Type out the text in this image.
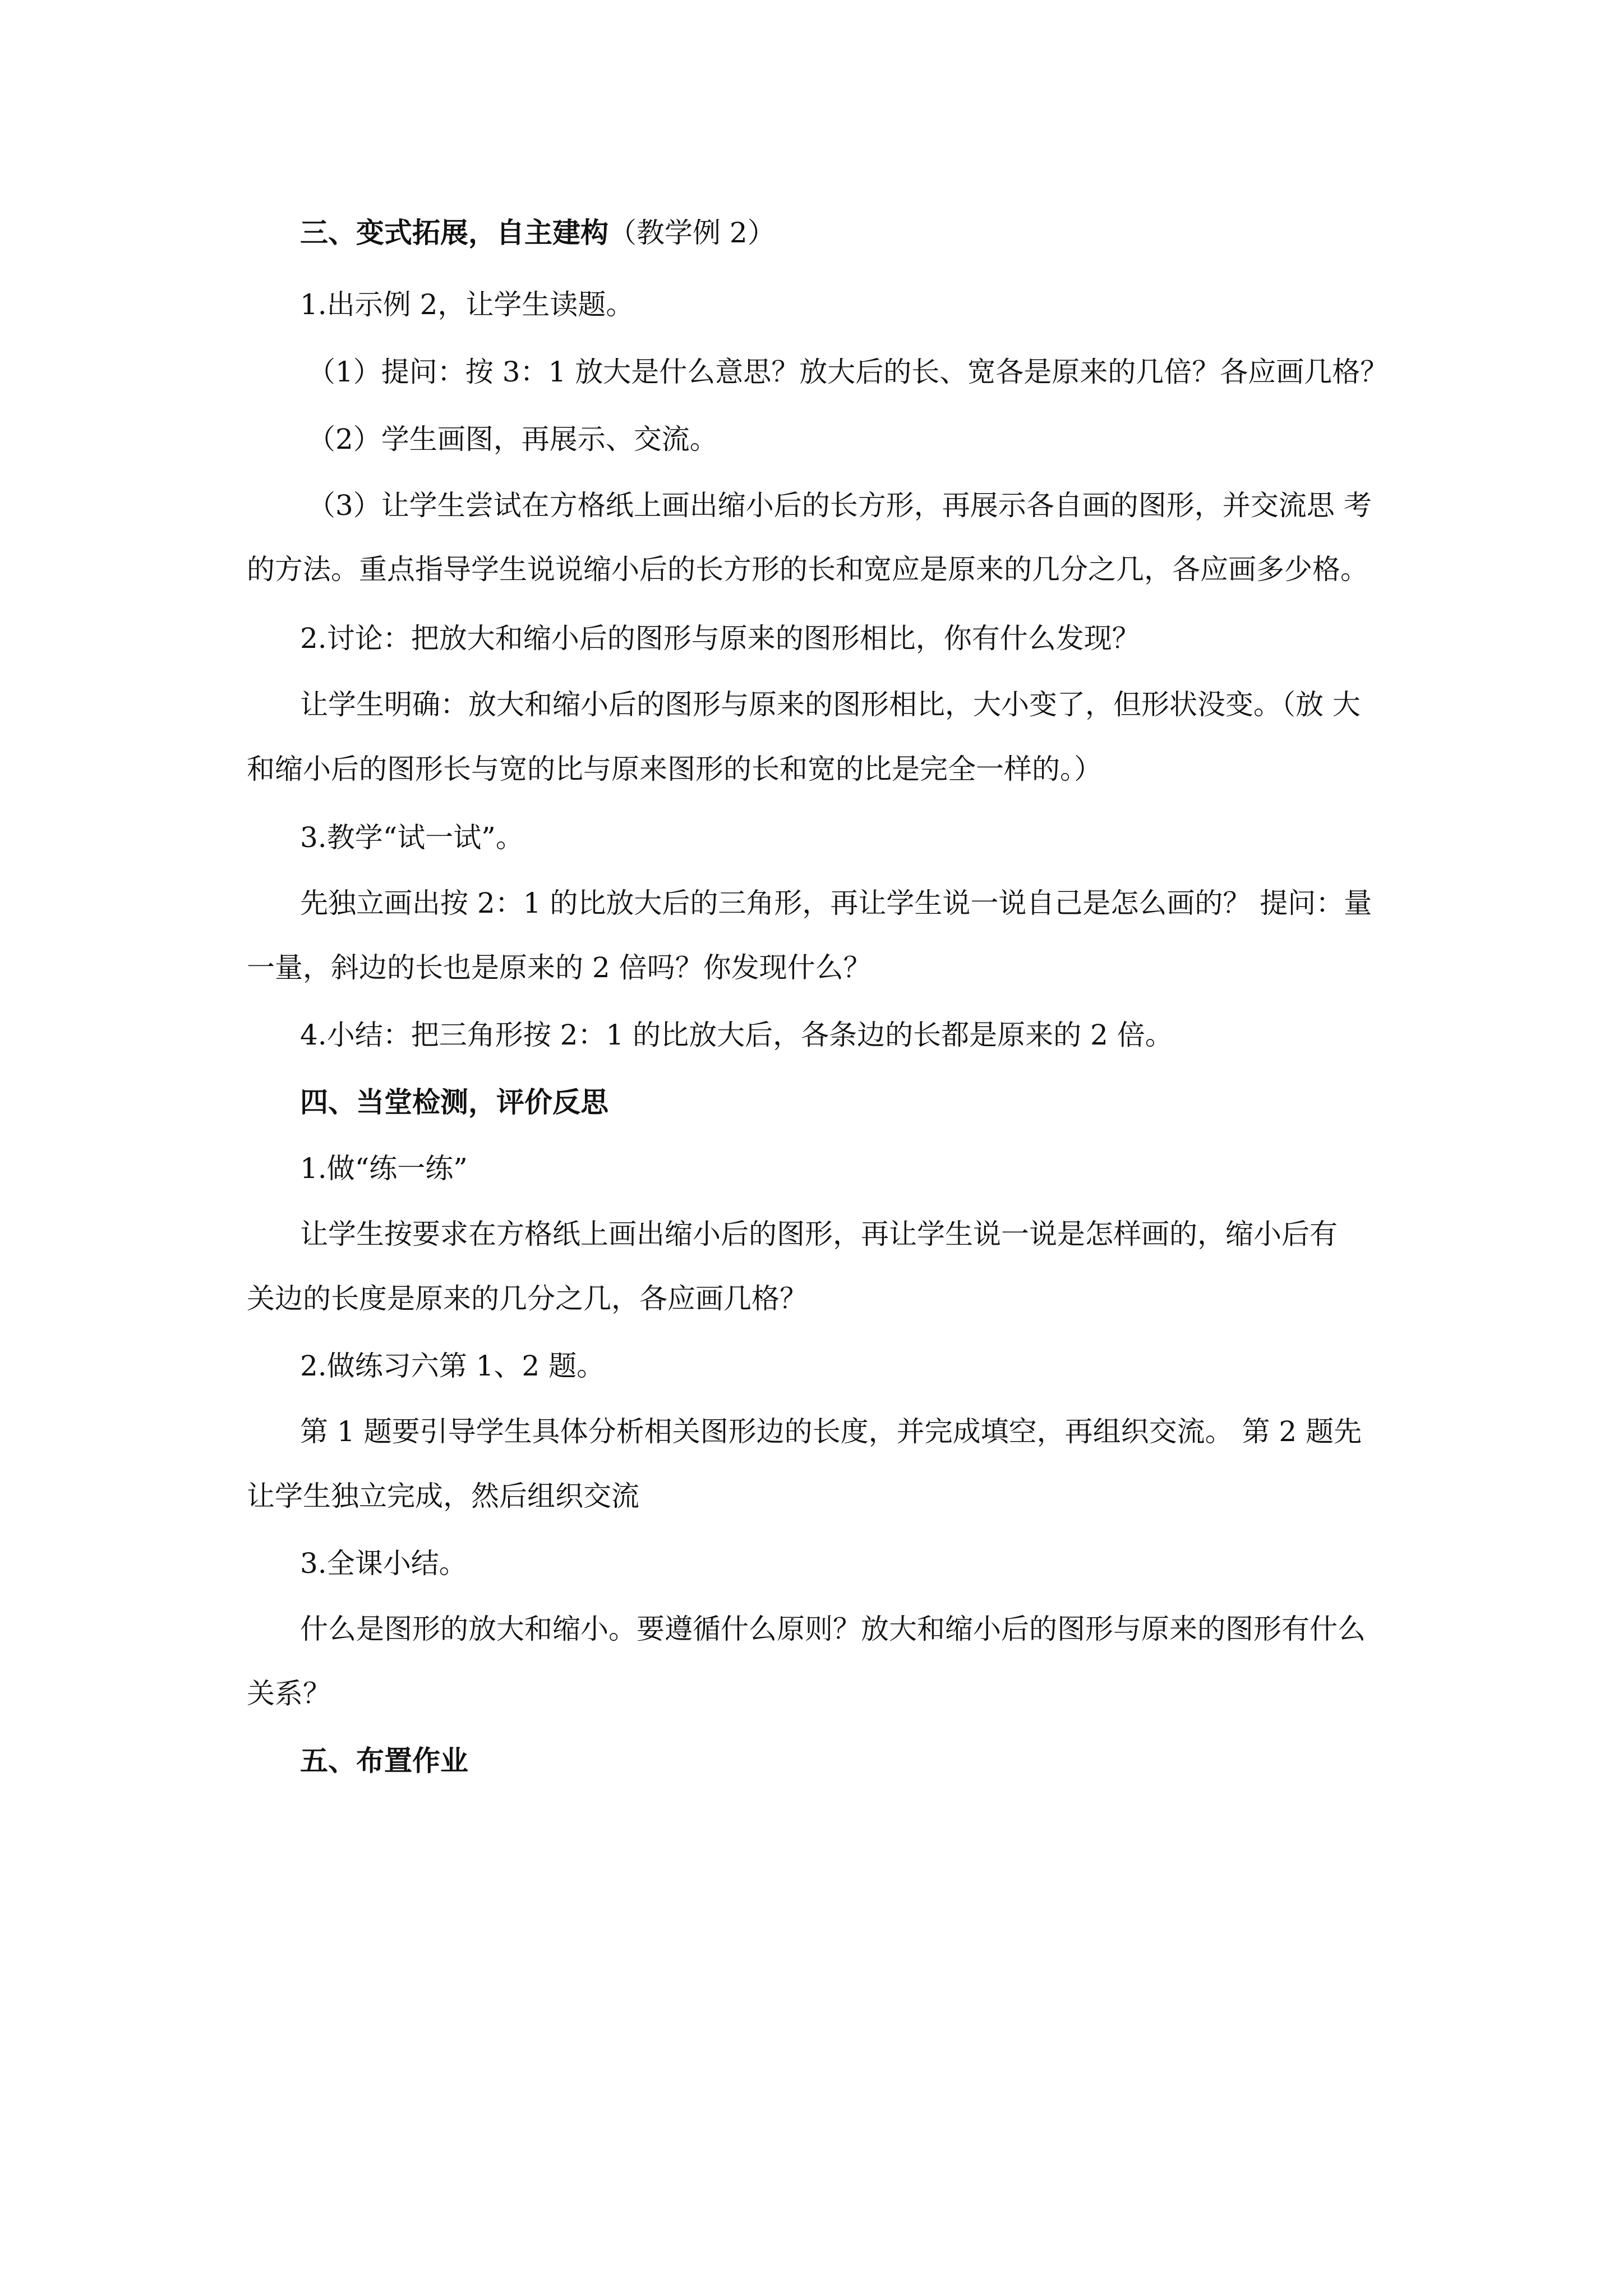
三、变式拓展，自主建构（教学例 2）

1.出示例 2，让学生读题。

（1）提问：按 3：1 放大是什么意思？放大后的长、宽各是原来的几倍？各应画几格？

（2）学生画图，再展示、交流。

（3）让学生尝试在方格纸上画出缩小后的长方形，再展示各自画的图形，并交流思 考

的方法。重点指导学生说说缩小后的长方形的长和宽应是原来的几分之几，各应画多少格。

2.讨论：把放大和缩小后的图形与原来的图形相比，你有什么发现？

让学生明确：放大和缩小后的图形与原来的图形相比，大小变了，但形状没变。（放 大

和缩小后的图形长与宽的比与原来图形的长和宽的比是完全一样的。）

3.教学“试一试”。

先独立画出按 2：1 的比放大后的三角形，再让学生说一说自己是怎么画的？ 提问：量

一量，斜边的长也是原来的 2 倍吗？你发现什么？

4.小结：把三角形按 2：1 的比放大后，各条边的长都是原来的 2 倍。

四、当堂检测，评价反思

1.做“练一练”

让学生按要求在方格纸上画出缩小后的图形，再让学生说一说是怎样画的，缩小后有

关边的长度是原来的几分之几，各应画几格？

2.做练习六第 1、2 题。

第 1 题要引导学生具体分析相关图形边的长度，并完成填空，再组织交流。 第 2 题先

让学生独立完成，然后组织交流

3.全课小结。

什么是图形的放大和缩小。要遵循什么原则？放大和缩小后的图形与原来的图形有什么

关系？

五、布置作业
